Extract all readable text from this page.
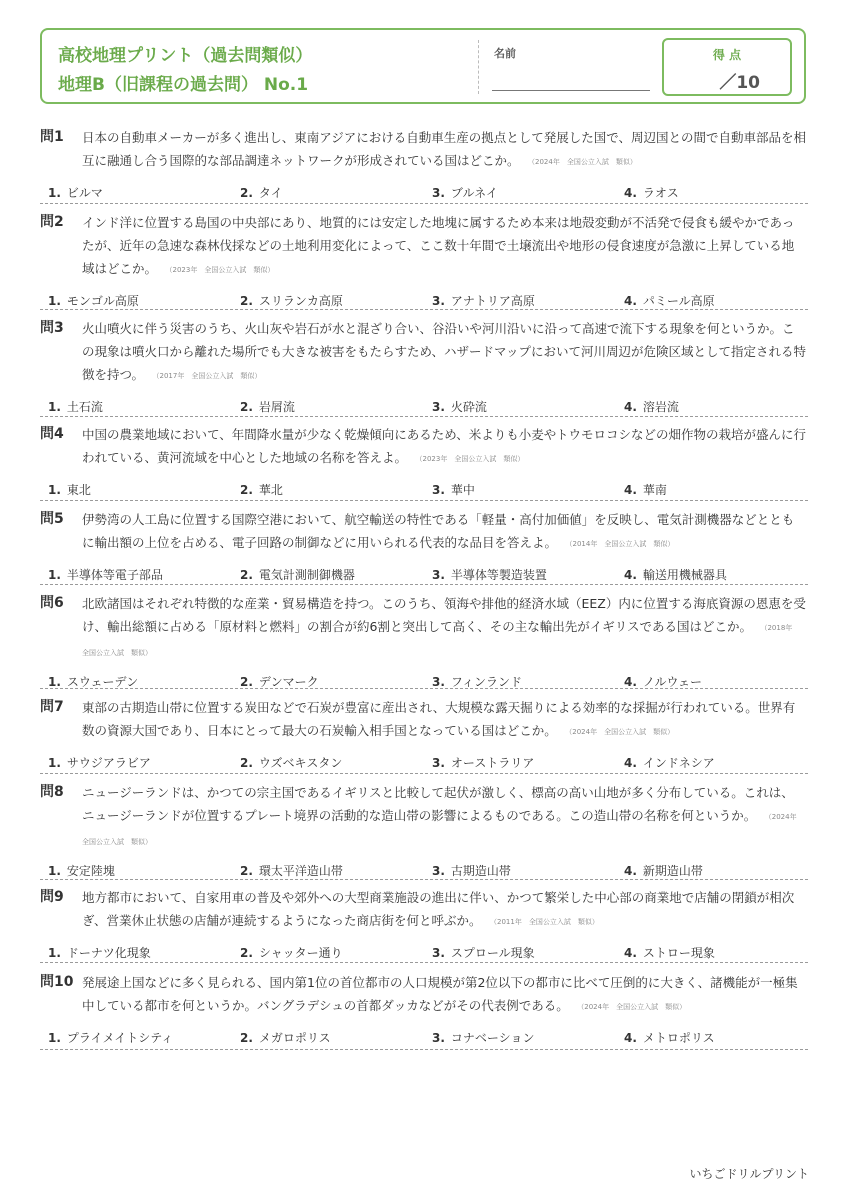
高校地理プリント（過去問類似）
地理B（旧課程の過去問） No.1
名前	得 点
／10
問1 日本の自動車メーカーが多く進出し、東南アジアにおける自動車生産の拠点として発展した国で、周辺国との間で自動車部品を相互に融通し合う国際的な部品調達ネットワークが形成されている国はどこか。 （2024年　全国公立入試　類似）
1. ビルマ	2. タイ	3. ブルネイ	4. ラオス
問2 インド洋に位置する島国の中央部にあり、地質的には安定した地塊に属するため本来は地殻変動が不活発で侵食も緩やかであったが、近年の急速な森林伐採などの土地利用変化によって、ここ数十年間で土壌流出や地形の侵食速度が急激に上昇している地域はどこか。 （2023年　全国公立入試　類似）
1. モンゴル高原	2. スリランカ高原	3. アナトリア高原	4. パミール高原
問3 火山噴火に伴う災害のうち、火山灰や岩石が水と混ざり合い、谷沿いや河川沿いに沿って高速で流下する現象を何というか。この現象は噴火口から離れた場所でも大きな被害をもたらすため、ハザードマップにおいて河川周辺が危険区域として指定される特徴を持つ。 （2017年　全国公立入試　類似）
1. 土石流	2. 岩屑流	3. 火砕流	4. 溶岩流
問4 中国の農業地域において、年間降水量が少なく乾燥傾向にあるため、米よりも小麦やトウモロコシなどの畑作物の栽培が盛んに行われている、黄河流域を中心とした地域の名称を答えよ。 （2023年　全国公立入試　類似）
1. 東北	2. 華北	3. 華中	4. 華南
問5 伊勢湾の人工島に位置する国際空港において、航空輸送の特性である「軽量・高付加価値」を反映し、電気計測機器などとともに輸出額の上位を占める、電子回路の制御などに用いられる代表的な品目を答えよ。 （2014年　全国公立入試　類似）
1. 半導体等電子部品	2. 電気計測制御機器	3. 半導体等製造装置	4. 輸送用機械器具
問6 北欧諸国はそれぞれ特徴的な産業・貿易構造を持つ。このうち、領海や排他的経済水域（EEZ）内に位置する海底資源の恩恵を受け、輸出総額に占める「原材料と燃料」の割合が約6割と突出して高く、その主な輸出先がイギリスである国はどこか。 （2018年　全国公立入試　類似）
1. スウェーデン	2. デンマーク	3. フィンランド	4. ノルウェー
問7 東部の古期造山帯に位置する炭田などで石炭が豊富に産出され、大規模な露天掘りによる効率的な採掘が行われている。世界有数の資源大国であり、日本にとって最大の石炭輸入相手国となっている国はどこか。 （2024年　全国公立入試　類似）
1. サウジアラビア	2. ウズベキスタン	3. オーストラリア	4. インドネシア
問8 ニュージーランドは、かつての宗主国であるイギリスと比較して起伏が激しく、標高の高い山地が多く分布している。これは、ニュージーランドが位置するプレート境界の活動的な造山帯の影響によるものである。この造山帯の名称を何というか。 （2024年　全国公立入試　類似）
1. 安定陸塊	2. 環太平洋造山帯	3. 古期造山帯	4. 新期造山帯
問9 地方都市において、自家用車の普及や郊外への大型商業施設の進出に伴い、かつて繁栄した中心部の商業地で店舗の閉鎖が相次ぎ、営業休止状態の店舗が連続するようになった商店街を何と呼ぶか。 （2011年　全国公立入試　類似）
1. ドーナツ化現象	2. シャッター通り	3. スプロール現象	4. ストロー現象
問10 発展途上国などに多く見られる、国内第1位の首位都市の人口規模が第2位以下の都市に比べて圧倒的に大きく、諸機能が一極集中している都市を何というか。バングラデシュの首都ダッカなどがその代表例である。 （2024年　全国公立入試　類似）
1. プライメイトシティ	2. メガロポリス	3. コナベーション	4. メトロポリス
いちごドリルプリント
